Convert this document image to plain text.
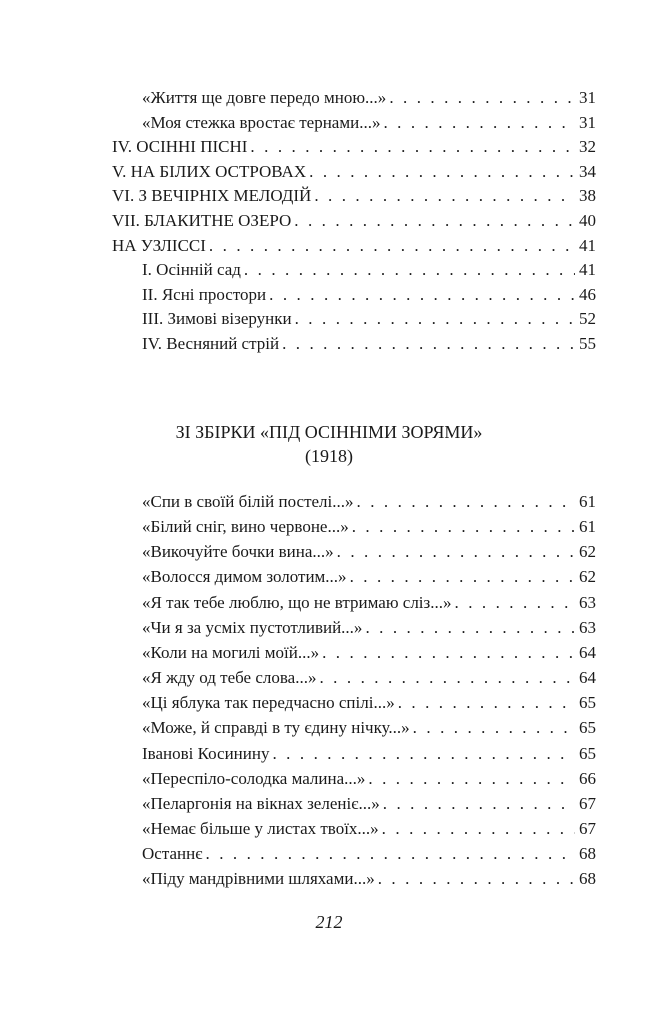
«Життя ще довге передо мною...» . . .	31
«Моя стежка вростає тернами...» . . .	31
IV. ОСІННІ ПІСНІ . . .	32
V. НА БІЛИХ ОСТРОВАХ . . .	34
VI. З ВЕЧІРНІХ МЕЛОДІЙ . . .	38
VII. БЛАКИТНЕ ОЗЕРО . . .	40
НА УЗЛІССІ . . .	41
I. Осінній сад . . .	41
II. Ясні простори . . .	46
III. Зимові візерунки . . .	52
IV. Весняний стрій . . .	55
ЗІ ЗБІРКИ «ПІД ОСІННІМИ ЗОРЯМИ»
(1918)
«Спи в своїй білій постелі...» . . .	61
«Білий сніг, вино червоне...» . . .	61
«Викочуйте бочки вина...» . . .	62
«Волосся димом золотим...» . . .	62
«Я так тебе люблю, що не втримаю сліз...» . . .	63
«Чи я за усміх пустотливий...» . . .	63
«Коли на могилі моїй...» . . .	64
«Я жду од тебе слова...» . . .	64
«Ці яблука так передчасно спілі...» . . .	65
«Може, й справді в ту єдину нічку...» . . .	65
Іванові Косинину . . .	65
«Переспіло-солодка малина...» . . .	66
«Пеларгонія на вікнах зеленіє...» . . .	67
«Немає більше у листах твоїх...» . . .	67
Останнє . . .	68
«Піду мандрівними шляхами...» . . .	68
212
